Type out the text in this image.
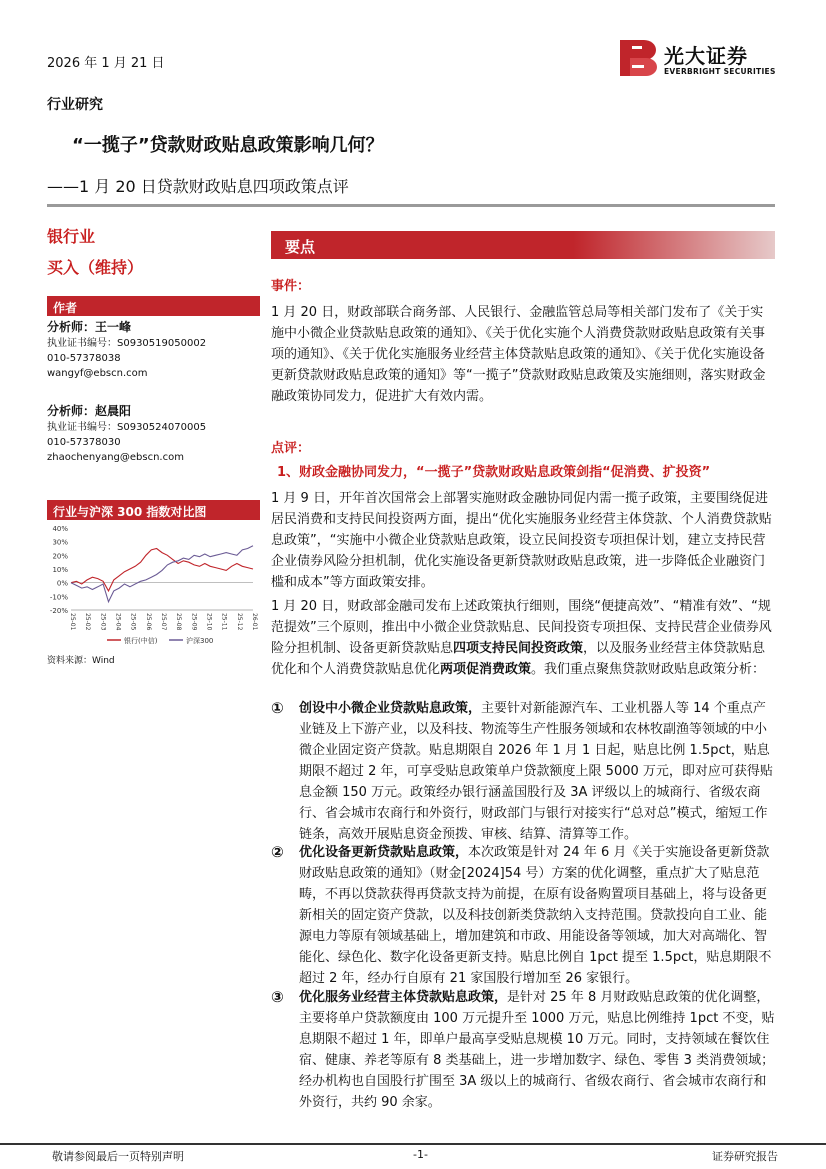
2026 年 1 月 21 日
行业研究
“一揽子”贷款财政贴息政策影响几何？
——1 月 20 日贷款财政贴息四项政策点评
光大证券
EVERBRIGHT SECURITIES
银行业
买入（维持）
作者
分析师：王一峰
执业证书编号：S0930519050002
010-57378038
wangyf@ebscn.com
分析师：赵晨阳
执业证书编号：S0930524070005
010-57378030
zhaochenyang@ebscn.com
行业与沪深 300 指数对比图
40%
30%
20%
10%
0%
-10%
-20%
25-01 25-02 25-03 25-04 25-05 25-06 25-07 25-08 25-09 25-10 25-11 25-12 26-01
银行(中信)	沪深300
资料来源：Wind
要点
事件：
1 月 20 日，财政部联合商务部、人民银行、金融监管总局等相关部门发布了《关于实施中小微企业贷款贴息政策的通知》、《关于优化实施个人消费贷款财政贴息政策有关事项的通知》、《关于优化实施服务业经营主体贷款贴息政策的通知》、《关于优化实施设备更新贷款财政贴息政策的通知》等“一揽子”贷款财政贴息政策及实施细则，落实财政金融政策协同发力，促进扩大有效内需。
点评：
1、财政金融协同发力，“一揽子”贷款财政贴息政策剑指“促消费、扩投资”
1 月 9 日，开年首次国常会上部署实施财政金融协同促内需一揽子政策，主要围绕促进居民消费和支持民间投资两方面，提出“优化实施服务业经营主体贷款、个人消费贷款贴息政策”，“实施中小微企业贷款贴息政策，设立民间投资专项担保计划，建立支持民营企业债券风险分担机制，优化实施设备更新贷款财政贴息政策，进一步降低企业融资门槛和成本”等方面政策安排。
1 月 20 日，财政部金融司发布上述政策执行细则，围绕“便捷高效”、“精准有效”、“规范提效”三个原则，推出中小微企业贷款贴息、民间投资专项担保、支持民营企业债券风险分担机制、设备更新贷款贴息四项支持民间投资政策，以及服务业经营主体贷款贴息优化和个人消费贷款贴息优化两项促消费政策。我们重点聚焦贷款财政贴息政策分析：
① 创设中小微企业贷款贴息政策，主要针对新能源汽车、工业机器人等 14 个重点产业链及上下游产业，以及科技、物流等生产性服务领域和农林牧副渔等领域的中小微企业固定资产贷款。贴息期限自 2026 年 1 月 1 日起，贴息比例 1.5pct，贴息期限不超过 2 年，可享受贴息政策单户贷款额度上限 5000 万元，即对应可获得贴息金额 150 万元。政策经办银行涵盖国股行及 3A 评级以上的城商行、省级农商行、省会城市农商行和外资行，财政部门与银行对接实行“总对总”模式，缩短工作链条，高效开展贴息资金预拨、审核、结算、清算等工作。
② 优化设备更新贷款贴息政策，本次政策是针对 24 年 6 月《关于实施设备更新贷款财政贴息政策的通知》（财金[2024]54 号）方案的优化调整，重点扩大了贴息范畴，不再以贷款获得再贷款支持为前提，在原有设备购置项目基础上，将与设备更新相关的固定资产贷款，以及科技创新类贷款纳入支持范围。贷款投向自工业、能源电力等原有领域基础上，增加建筑和市政、用能设备等领域，加大对高端化、智能化、绿色化、数字化设备更新支持。贴息比例自 1pct 提至 1.5pct，贴息期限不超过 2 年，经办行自原有 21 家国股行增加至 26 家银行。
③ 优化服务业经营主体贷款贴息政策，是针对 25 年 8 月财政贴息政策的优化调整，主要将单户贷款额度由 100 万元提升至 1000 万元，贴息比例维持 1pct 不变，贴息期限不超过 1 年，即单户最高享受贴息规模 10 万元。同时，支持领域在餐饮住宿、健康、养老等原有 8 类基础上，进一步增加数字、绿色、零售 3 类消费领域；经办机构也自国股行扩围至 3A 级以上的城商行、省级农商行、省会城市农商行和外资行，共约 90 余家。
敬请参阅最后一页特别声明	-1-	证券研究报告
